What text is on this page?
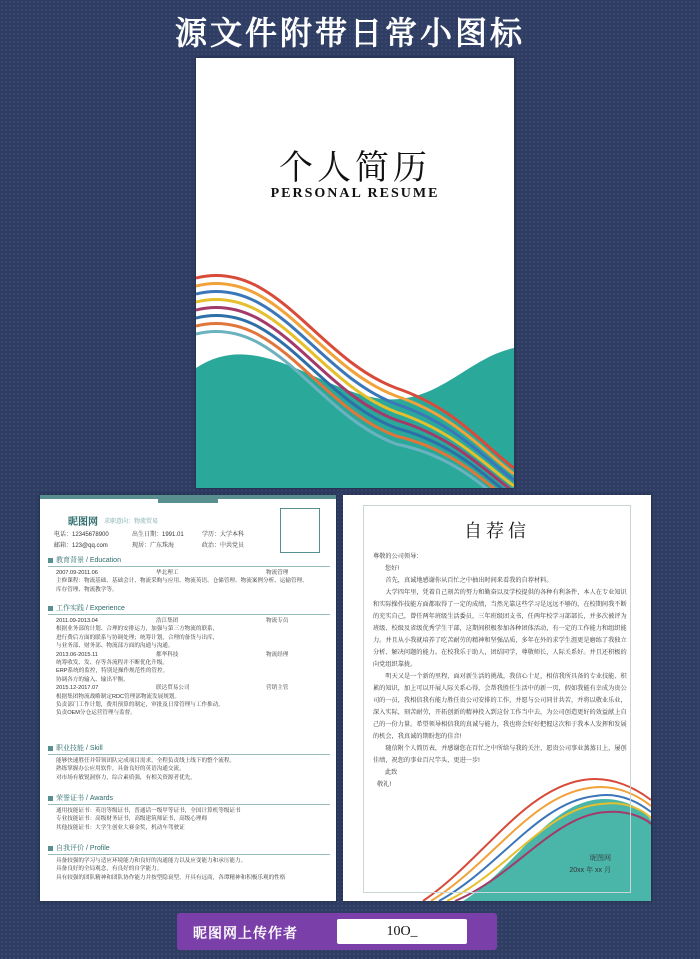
源文件附带日常小图标
个人简历
PERSONAL RESUME
昵图网 求职意向：物流贸易
电话：12345678900	出生日期：1991.01	学历：大学本科
邮箱：123@qq.com	现居：广东珠海	政治：中共党员
教育背景 / Education
2007.09-2011.06	华北理工	物流管理
主修课程：物流基础、基础会计、物流采购与应用、物流英语、仓储管理、物流案例分析、运输管理、
库存管理、物流教学等。
工作实践 / Experience
2011.09-2013.04	浩江集团	物流专员
根据业务部的计划、合理的安排运力，加强与第三方物流的联系，
进行费后方面的联系与协调处理；统筹计划，合理的备货与出库，
与业务部、财务部、物流部方面的沟通与沟通。
2013.06-2015.11	都华科技	物流经理
统筹收发、发、存等各流程并不断优化升级。
ERP系统的监控，特别是操作规范性的管控。
协调各方的输入、输出平衡。
2015.12-2017.07	联达贸易公司	营销主管
根据集团物流战略制定RDC管理部物流发展规划。
负责部门工作计划，费用预算的制定，审批及日常管理与工作推动。
负责OEM分仓运营管理与监督。
职业技能 / Skill
能够快速胜任并带领团队完成项目需求，全程负责线上线下的整个流程。
熟练掌握办公应用软件，具备良好的英语沟通交流。
对市场有敏锐洞察力，综合素质强，有相关资源者优先。
荣誉证书 / Awards
通用技能证书：英语等级证书，普通话一级甲等证书，全国计算机等级证书
专业技能证书：高级财务证书，高级建筑师证书，高级心理师
其他技能证书：大学生创业大赛金奖，机动车驾驶证
自我评价 / Profile
具备较强的学习与适应环境能力和良好的沟通能力以及应变能力和承压能力。
具备良好的全局观念，有良好的自学能力。
具有较强的团队精神和团队协作能力并按型隐衰型，开具有远商，各谭精神和积极乐观的性格
自荐信

尊敬的公司领导：

您好!

首先，真诚地感谢你从百忙之中抽出时间来看我的自荐材料。

大学四年里，凭着自己刻苦的努力和勤奋以及学校提供的各种有利条件，本人在专业知识和实际操作技能方面都取得了一定的成绩，当然光靠这些学习是远远不够的，在校期间我不断的充实自己，曾任两年班级生活委员，三年班级团支书，任两年校学习部部长，并多次被评为班级、校级及省级优秀学生干部，这期间积极参加各种团体活动，有一定的工作能力和组织能力。并且从小我就培养了吃苦耐劳的精神和坚强品质，多年在外的求学生涯更是磨练了我独立分析、解决问题的能力。在校我乐于助人，团结同学，尊敬师长，人际关系好。并且还积极的向党组织靠拢。

明天又是一个新的里程，面对新生活的挑战，我信心十足，相信我所具备的专业技能、积累的知识，加上可以开展人际关系心得，会帮我胜任生活中的新一页，假如我能有幸成为贵公司的一员，我相信我有能力胜任贵公司安排的工作，并愿与公司同甘共苦，并将以敬业乐业，深入实际，刻苦耐劳，开拓创新的精神投入到这份工作当中去，为公司创造更好的效益献上自己的一份力量。希望领导相信我的真诚与能力，我也将会好好把握这次和于我本人发挥和发展的机会，我真诚的期盼您的佳音!

随信附个人简历表，并感谢您在百忙之中所给与我的关注，愿贵公司事业蒸蒸日上，屡创佳绩，祝您的事业百尺竿头，更进一步!

此致

敬礼!

昵图网
20xx 年 xx 月
昵图网上传作者	10O_
